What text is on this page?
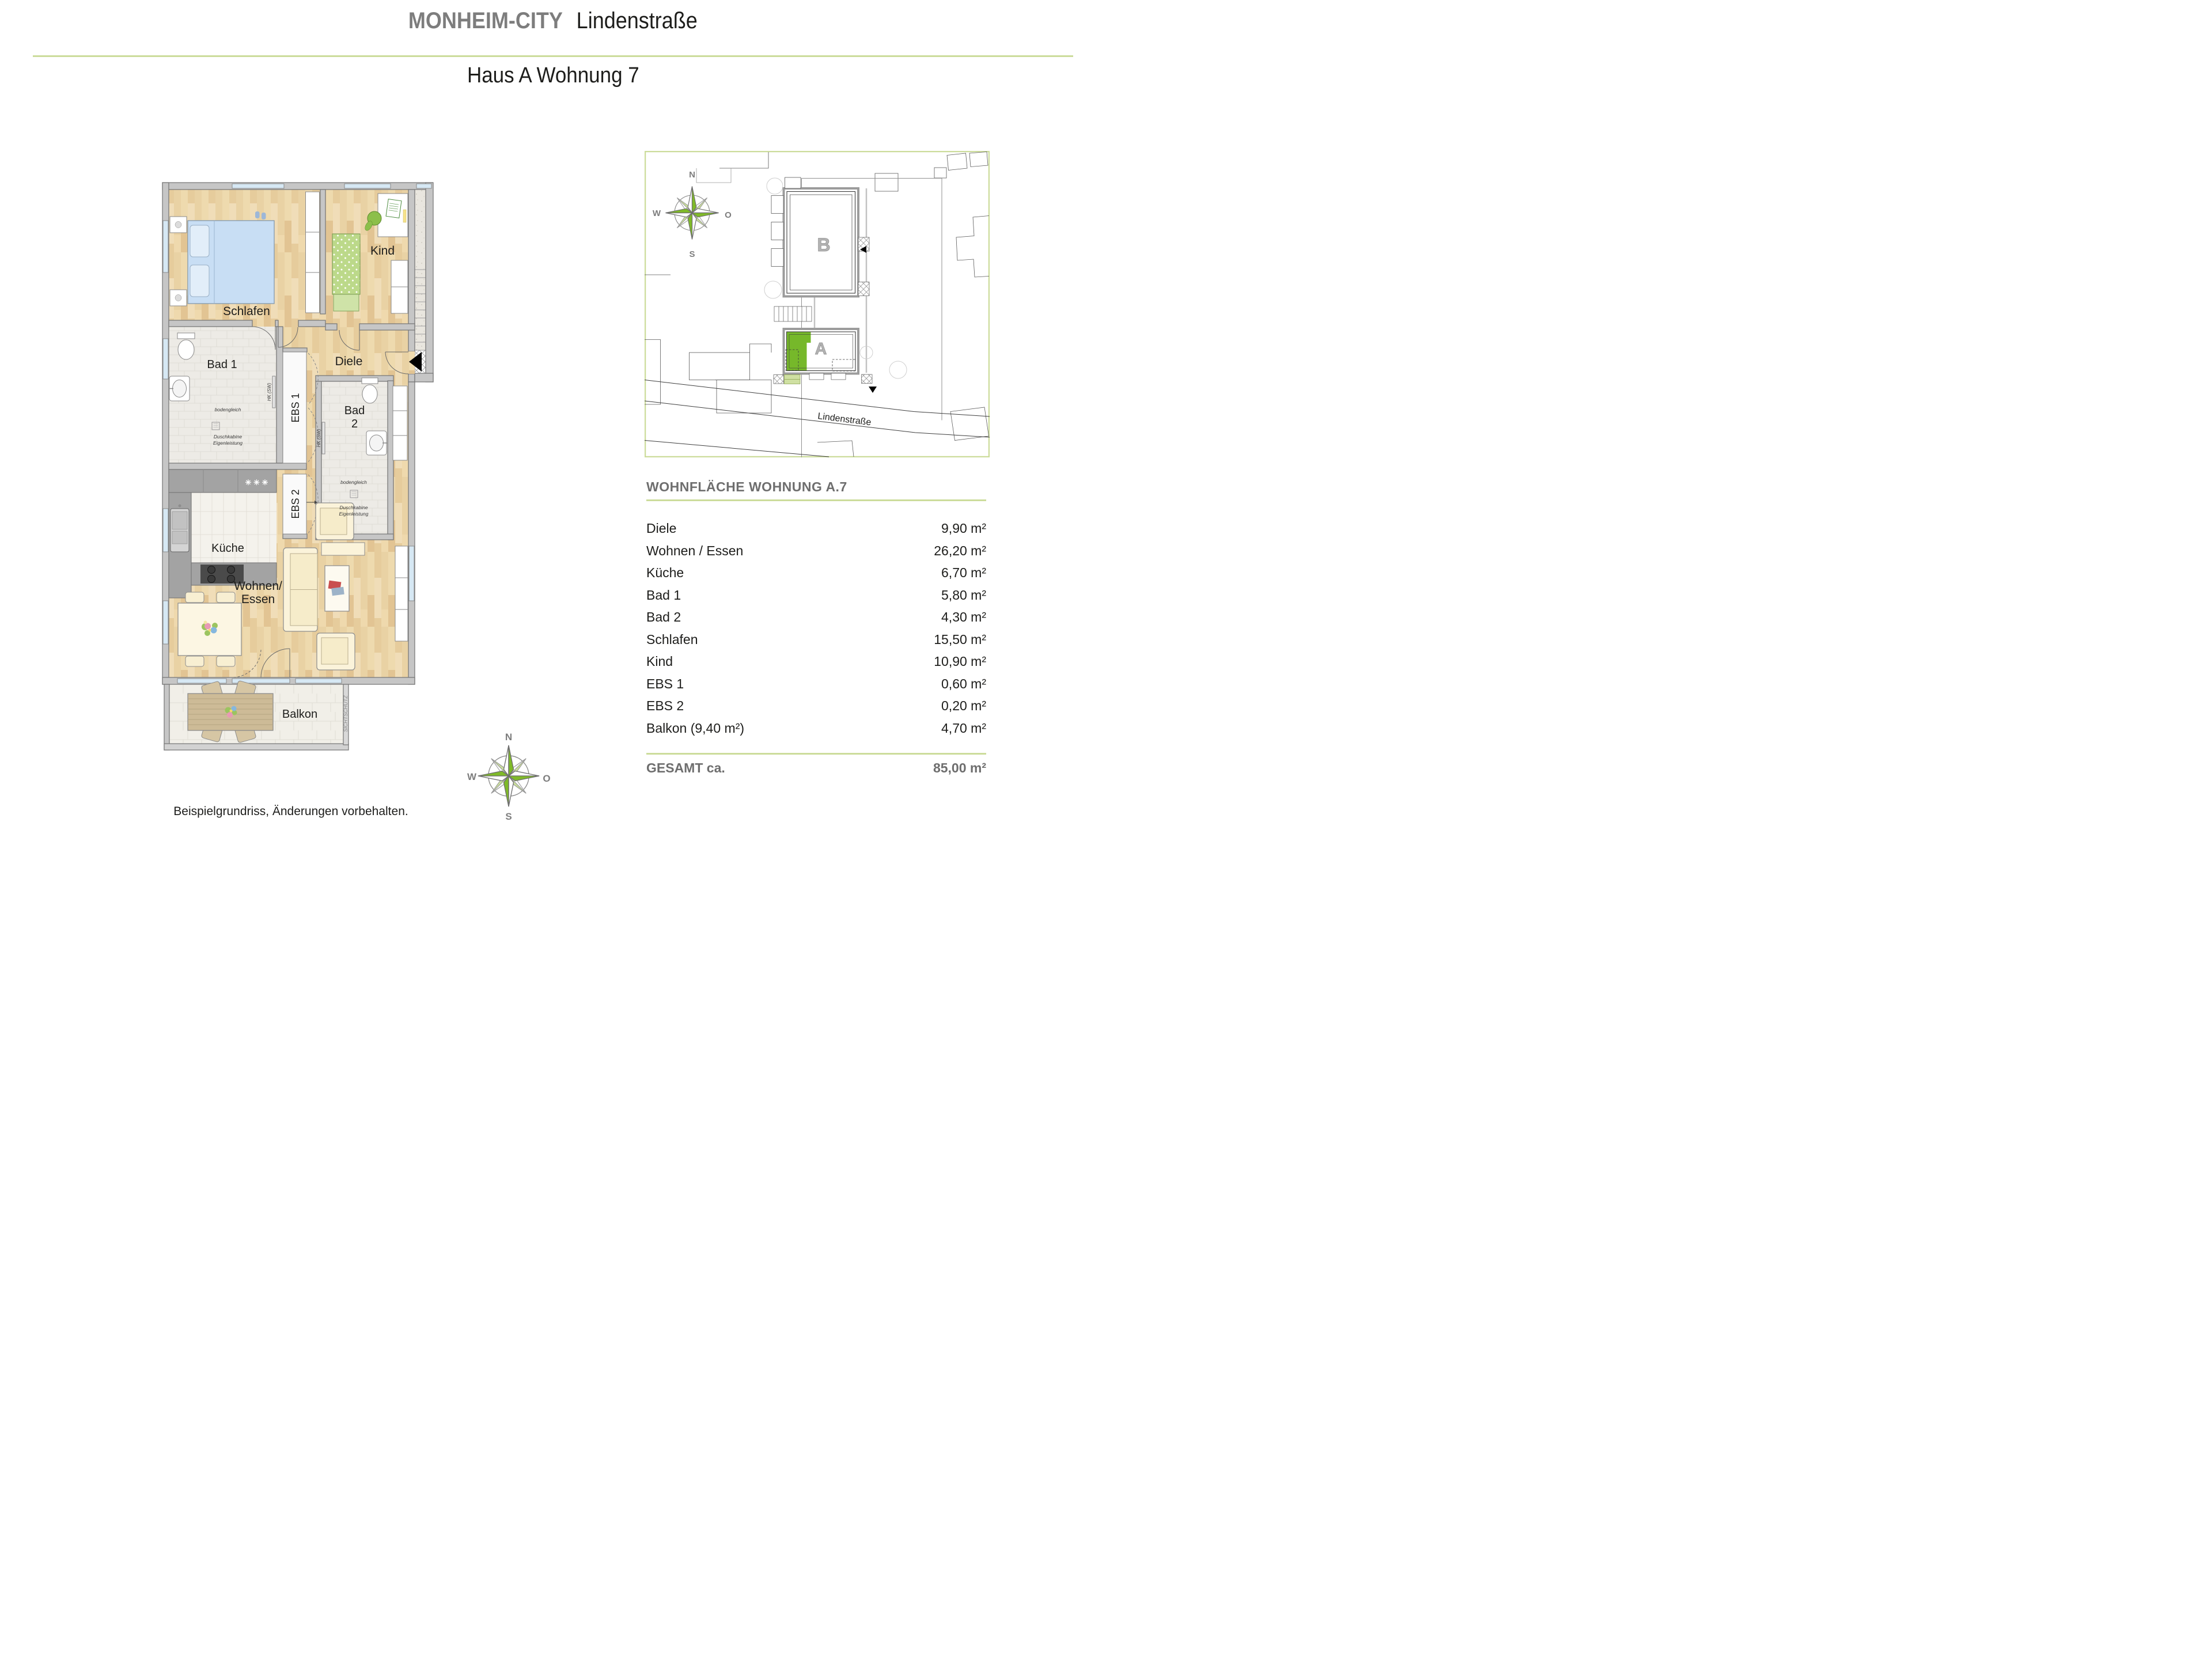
MONHEIM-CITY Lindenstraße
Haus A Wohnung 7
Schlafen
Kind
Diele
Bad 1
Bad
2
EBS 1
EBS 2
Küche
Wohnen/
Essen
Balkon
bodengleich
Duschkabine
Eigenleistung
bodengleich
Duschkabine
Eigenleistung
HK (SW)
HK (SW)
SICHTSCHUTZ
✳ ✳ ✳
B
A
Lindenstraße
N
S
W	O
WOHNFLÄCHE WOHNUNG A.7
Diele	9,90 m²
Wohnen / Essen	26,20 m²
Küche	6,70 m²
Bad 1	5,80 m²
Bad 2	4,30 m²
Schlafen	15,50 m²
Kind	10,90 m²
EBS 1	0,60 m²
EBS 2	0,20 m²
Balkon (9,40 m²)	4,70 m²
GESAMT ca.	85,00 m²
N
S
W	O
Beispielgrundriss, Änderungen vorbehalten.
